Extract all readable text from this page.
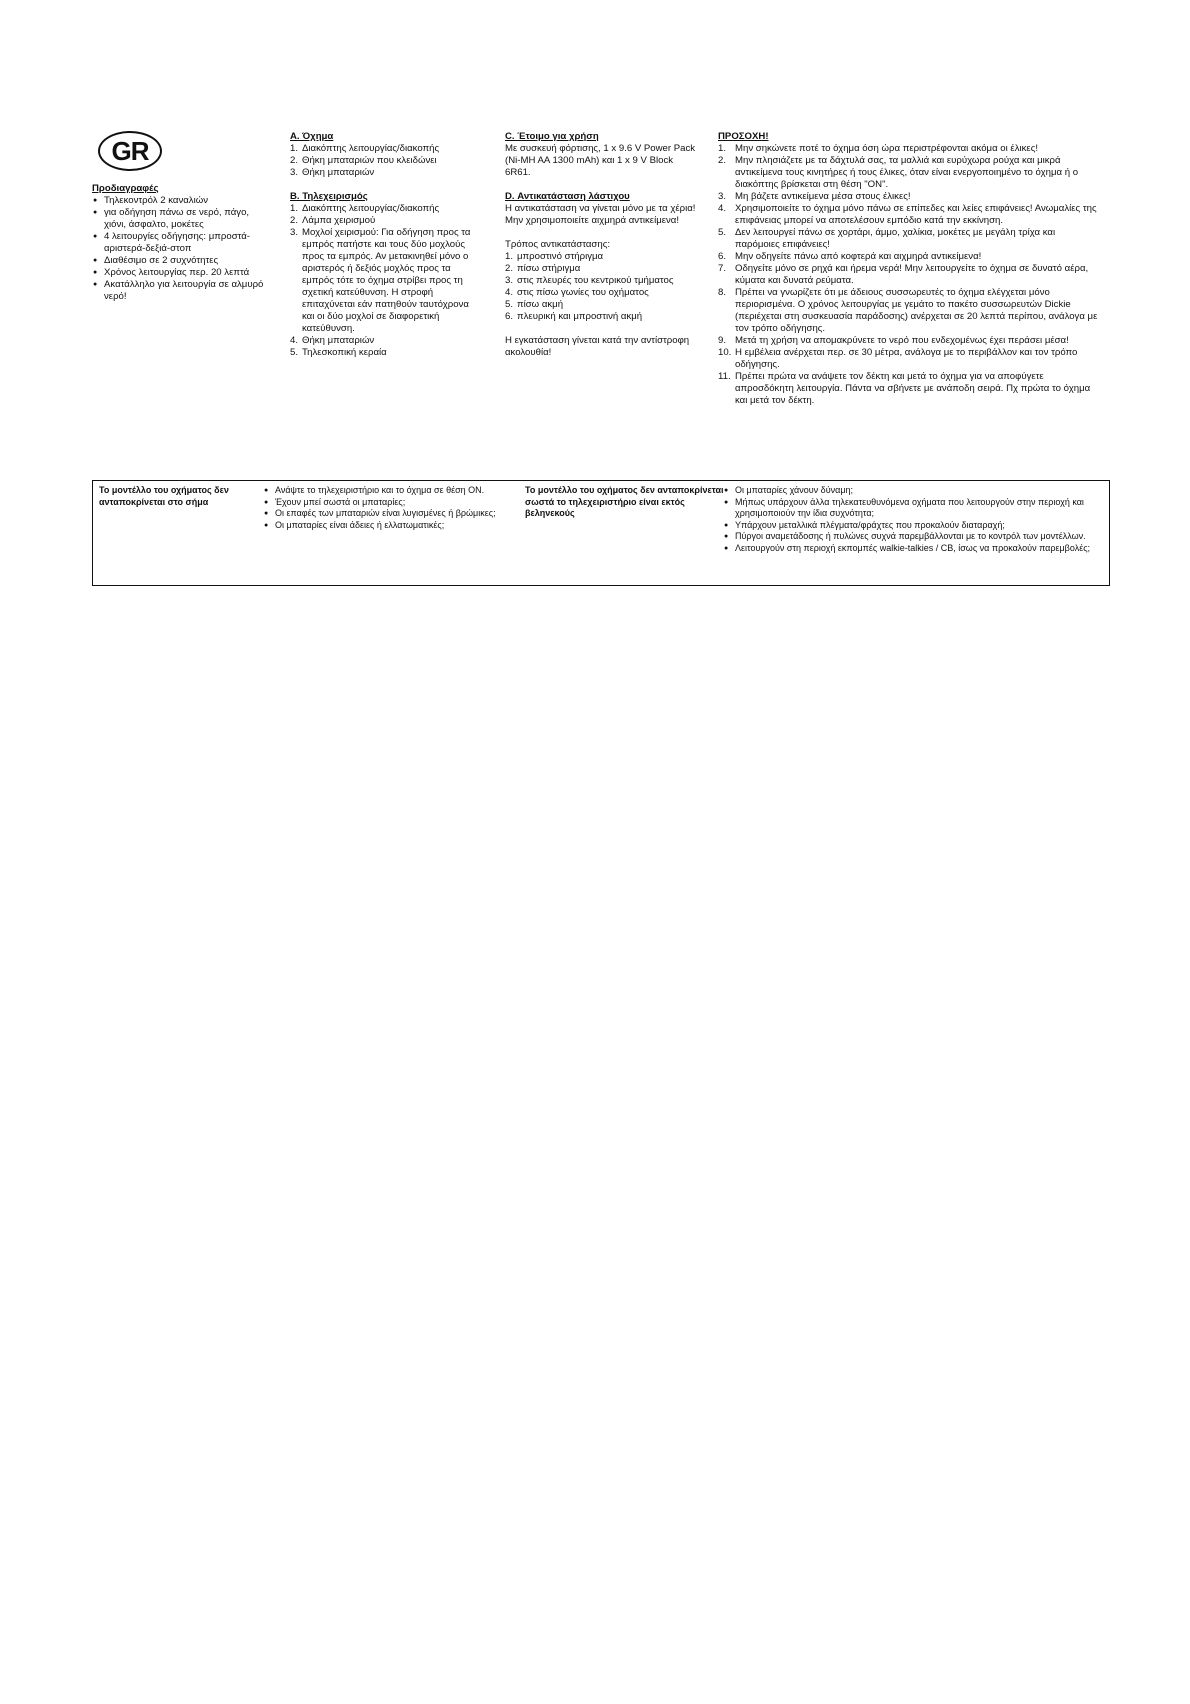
GR
Προδιαγραφές
● Τηλεκοντρόλ 2 καναλιών
● για οδήγηση πάνω σε νερό, πάγο, χιόνι, άσφαλτο, μοκέτες
● 4 λειτουργίες οδήγησης: μπροστά-αριστερά-δεξιά-στοπ
● Διαθέσιμο σε 2 συχνότητες
● Χρόνος λειτουργίας περ. 20 λεπτά
● Ακατάλληλο για λειτουργία σε αλμυρό νερό!
A. Όχημα
1. Διακόπτης λειτουργίας/διακοπής
2. Θήκη μπαταριών που κλειδώνει
3. Θήκη μπαταριών
B. Τηλεχειρισμός
1. Διακόπτης λειτουργίας/διακοπής
2. Λάμπα χειρισμού
3. Μοχλοί χειρισμού: Για οδήγηση προς τα εμπρός πατήστε και τους δύο μοχλούς προς τα εμπρός. Αν μετακινηθεί μόνο ο αριστερός ή δεξιός μοχλός προς τα εμπρός τότε το όχημα στρίβει προς τη σχετική κατεύθυνση. Η στροφή επιταχύνεται εάν πατηθούν ταυτόχρονα και οι δύο μοχλοί σε διαφορετική κατεύθυνση.
4. Θήκη μπαταριών
5. Τηλεσκοπική κεραία
C. Έτοιμο για χρήση
Με συσκευή φόρτισης, 1 x 9.6 V Power Pack (Ni-MH AA 1300 mAh) και 1 x 9 V Block 6R61.
D. Αντικατάσταση λάστιχου
Η αντικατάσταση να γίνεται μόνο με τα χέρια! Μην χρησιμοποιείτε αιχμηρά αντικείμενα!
Τρόπος αντικατάστασης:
1. μπροστινό στήριγμα
2. πίσω στήριγμα
3. στις πλευρές του κεντρικού τμήματος
4. στις πίσω γωνίες του οχήματος
5. πίσω ακμή
6. πλευρική και μπροστινή ακμή
Η εγκατάσταση γίνεται κατά την αντίστροφη ακολουθία!
ΠΡΟΣΟΧΗ!
1. Μην σηκώνετε ποτέ το όχημα όση ώρα περιστρέφονται ακόμα οι έλικες!
2. Μην πλησιάζετε με τα δάχτυλά σας, τα μαλλιά και ευρύχωρα ρούχα και μικρά αντικείμενα τους κινητήρες ή τους έλικες, όταν είναι ενεργοποιημένο το όχημα ή ο διακόπτης βρίσκεται στη θέση "ON".
3. Μη βάζετε αντικείμενα μέσα στους έλικες!
4. Χρησιμοποιείτε το όχημα μόνο πάνω σε επίπεδες και λείες επιφάνειες! Ανωμαλίες της επιφάνειας μπορεί να αποτελέσουν εμπόδιο κατά την εκκίνηση.
5. Δεν λειτουργεί πάνω σε χορτάρι, άμμο, χαλίκια, μοκέτες με μεγάλη τρίχα και παρόμοιες επιφάνειες!
6. Μην οδηγείτε πάνω από κοφτερά και αιχμηρά αντικείμενα!
7. Οδηγείτε μόνο σε ρηχά και ήρεμα νερά! Μην λειτουργείτε το όχημα σε δυνατό αέρα, κύματα και δυνατά ρεύματα.
8. Πρέπει να γνωρίζετε ότι με άδειους συσσωρευτές το όχημα ελέγχεται μόνο περιορισμένα. Ο χρόνος λειτουργίας με γεμάτο το πακέτο συσσωρευτών Dickie (περιέχεται στη συσκευασία παράδοσης) ανέρχεται σε 20 λεπτά περίπου, ανάλογα με τον τρόπο οδήγησης.
9. Μετά τη χρήση να απομακρύνετε το νερό που ενδεχομένως έχει περάσει μέσα!
10. Η εμβέλεια ανέρχεται περ. σε 30 μέτρα, ανάλογα με το περιβάλλον και τον τρόπο οδήγησης.
11. Πρέπει πρώτα να ανάψετε τον δέκτη και μετά το όχημα για να αποφύγετε απροσδόκητη λειτουργία. Πάντα να σβήνετε με ανάποδη σειρά. Πχ πρώτα το όχημα και μετά τον δέκτη.
Το μοντέλλο του οχήματος δεν ανταποκρίνεται στο σήμα
● Ανάψτε το τηλεχειριστήριο και το όχημα σε θέση ON.
● Έχουν μπεί σωστά οι μπαταρίες;
● Οι επαφές των μπαταριών είναι λυγισμένες ή βρώμικες;
● Οι μπαταρίες είναι άδειες ή ελλατωματικές;
Το μοντέλλο του οχήματος δεν ανταποκρίνεται σωστά το τηλεχειριστήριο είναι εκτός βεληνεκούς
● Οι μπαταρίες χάνουν δύναμη;
● Μήπως υπάρχουν άλλα τηλεκατευθυνόμενα οχήματα που λειτουργούν στην περιοχή και χρησιμοποιούν την ίδια συχνότητα;
● Υπάρχουν μεταλλικά πλέγματα/φράχτες που προκαλούν διαταραχή;
● Πύργοι αναμετάδοσης ή πυλώνες συχνά παρεμβάλλονται με το κοντρόλ των μοντέλλων.
● Λειτουργούν στη περιοχή εκπομπές walkie-talkies / CB, ίσως να προκαλούν παρεμβολές;
